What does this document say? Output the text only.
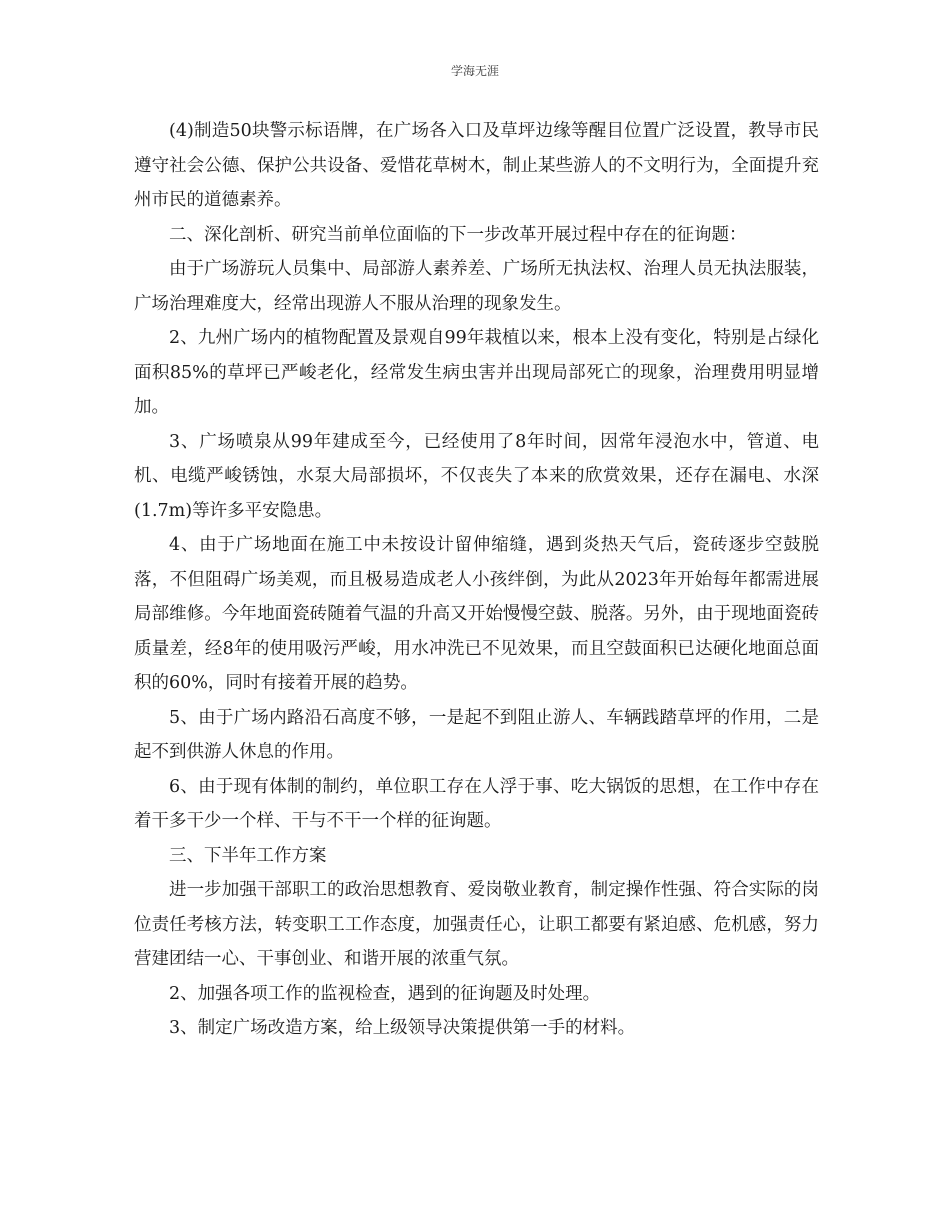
学海无涯

(4)制造50块警示标语牌，在广场各入口及草坪边缘等醒目位置广泛设置，教导市民遵守社会公德、保护公共设备、爱惜花草树木，制止某些游人的不文明行为，全面提升兖州市民的道德素养。

二、深化剖析、研究当前单位面临的下一步改革开展过程中存在的征询题：

由于广场游玩人员集中、局部游人素养差、广场所无执法权、治理人员无执法服装，广场治理难度大，经常出现游人不服从治理的现象发生。

2、九州广场内的植物配置及景观自99年栽植以来，根本上没有变化，特别是占绿化面积85%的草坪已严峻老化，经常发生病虫害并出现局部死亡的现象，治理费用明显增加。

3、广场喷泉从99年建成至今，已经使用了8年时间，因常年浸泡水中，管道、电机、电缆严峻锈蚀，水泵大局部损坏，不仅丧失了本来的欣赏效果，还存在漏电、水深(1.7m)等许多平安隐患。

4、由于广场地面在施工中未按设计留伸缩缝，遇到炎热天气后，瓷砖逐步空鼓脱落，不但阻碍广场美观，而且极易造成老人小孩绊倒，为此从2023年开始每年都需进展局部维修。今年地面瓷砖随着气温的升高又开始慢慢空鼓、脱落。另外，由于现地面瓷砖质量差，经8年的使用吸污严峻，用水冲洗已不见效果，而且空鼓面积已达硬化地面总面积的60%，同时有接着开展的趋势。

5、由于广场内路沿石高度不够，一是起不到阻止游人、车辆践踏草坪的作用，二是起不到供游人休息的作用。

6、由于现有体制的制约，单位职工存在人浮于事、吃大锅饭的思想，在工作中存在着干多干少一个样、干与不干一个样的征询题。

三、下半年工作方案

进一步加强干部职工的政治思想教育、爱岗敬业教育，制定操作性强、符合实际的岗位责任考核方法，转变职工工作态度，加强责任心，让职工都要有紧迫感、危机感，努力营建团结一心、干事创业、和谐开展的浓重气氛。

2、加强各项工作的监视检查，遇到的征询题及时处理。

3、制定广场改造方案，给上级领导决策提供第一手的材料。
